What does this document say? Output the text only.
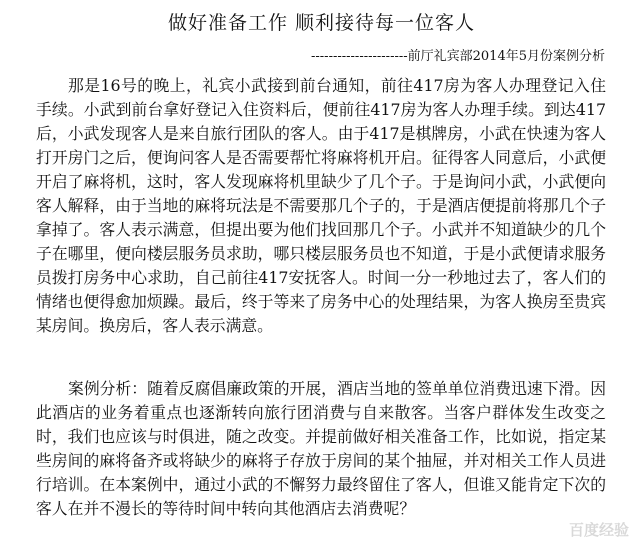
做好准备工作 顺利接待每一位客人
----------------------前厅礼宾部2014年5月份案例分析

那是16号的晚上，礼宾小武接到前台通知，前往417房为客人办理登记入住手续。小武到前台拿好登记入住资料后，便前往417房为客人办理手续。到达417后，小武发现客人是来自旅行团队的客人。由于417是棋牌房，小武在快速为客人打开房门之后，便询问客人是否需要帮忙将麻将机开启。征得客人同意后，小武便开启了麻将机，这时，客人发现麻将机里缺少了几个子。于是询问小武，小武便向客人解释，由于当地的麻将玩法是不需要那几个子的，于是酒店便提前将那几个子拿掉了。客人表示满意，但提出要为他们找回那几个子。小武并不知道缺少的几个子在哪里，便向楼层服务员求助，哪只楼层服务员也不知道，于是小武便请求服务员拨打房务中心求助，自己前往417安抚客人。时间一分一秒地过去了，客人们的情绪也便得愈加烦躁。最后，终于等来了房务中心的处理结果，为客人换房至贵宾某房间。换房后，客人表示满意。

案例分析：随着反腐倡廉政策的开展，酒店当地的签单单位消费迅速下滑。因此酒店的业务着重点也逐渐转向旅行团消费与自来散客。当客户群体发生改变之时，我们也应该与时俱进，随之改变。并提前做好相关准备工作，比如说，指定某些房间的麻将备齐或将缺少的麻将子存放于房间的某个抽屉，并对相关工作人员进行培训。在本案例中，通过小武的不懈努力最终留住了客人，但谁又能肯定下次的客人在并不漫长的等待时间中转向其他酒店去消费呢？

百度经验
